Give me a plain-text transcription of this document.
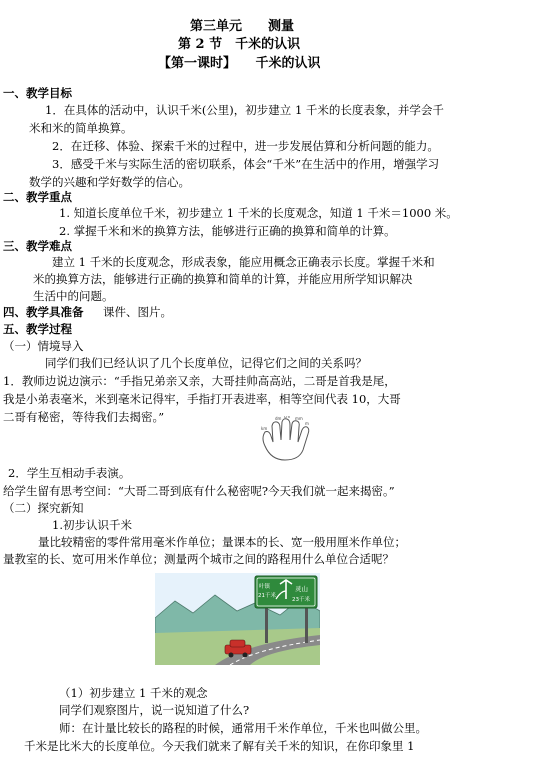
第三单元　　测量
第 2 节　千米的认识
【第一课时】　　千米的认识
一、教学目标
1．在具体的活动中，认识千米(公里)，初步建立 1 千米的长度表象，并学会千
米和米的简单换算。
2．在迁移、体验、探索千米的过程中，进一步发展估算和分析问题的能力。
3．感受千米与实际生活的密切联系，体会“千米”在生活中的作用，增强学习
数学的兴趣和学好数学的信心。
二、教学重点
1. 知道长度单位千米，初步建立 1 千米的长度观念，知道 1 千米＝1000 米。
2. 掌握千米和米的换算方法，能够进行正确的换算和简单的计算。
三、教学难点
建立 1 千米的长度观念，形成表象，能应用概念正确表示长度。掌握千米和
米的换算方法，能够进行正确的换算和简单的计算，并能应用所学知识解决
生活中的问题。
四、教学具准备 课件、图片。
五、教学过程
（一）情境导入
同学们我们已经认识了几个长度单位，记得它们之间的关系吗？
1．教师边说边演示：“手指兄弟亲又亲，大哥挂帅高高站，二哥是首我是尾，
我是小弟表毫米，米到毫米记得牢，手指打开表进率，相等空间代表 10，大哥
二哥有秘密，等待我们去揭密。”	dm cm mm
m
km
2．学生互相动手表演。
给学生留有思考空间：“大哥二哥到底有什么秘密呢?今天我们就一起来揭密。”
（二）探究新知
1.初步认识千米
量比较精密的零件常用毫米作单位；量课本的长、宽一般用厘米作单位；
量教室的长、宽可用米作单位；测量两个城市之间的路程用什么单位合适呢？
叶镇
21千米
灵山
23千米
（1）初步建立 1 千米的观念
同学们观察图片，说一说知道了什么?
师：在计量比较长的路程的时候，通常用千米作单位，千米也叫做公里。
千米是比米大的长度单位。今天我们就来了解有关千米的知识，在你印象里 1
